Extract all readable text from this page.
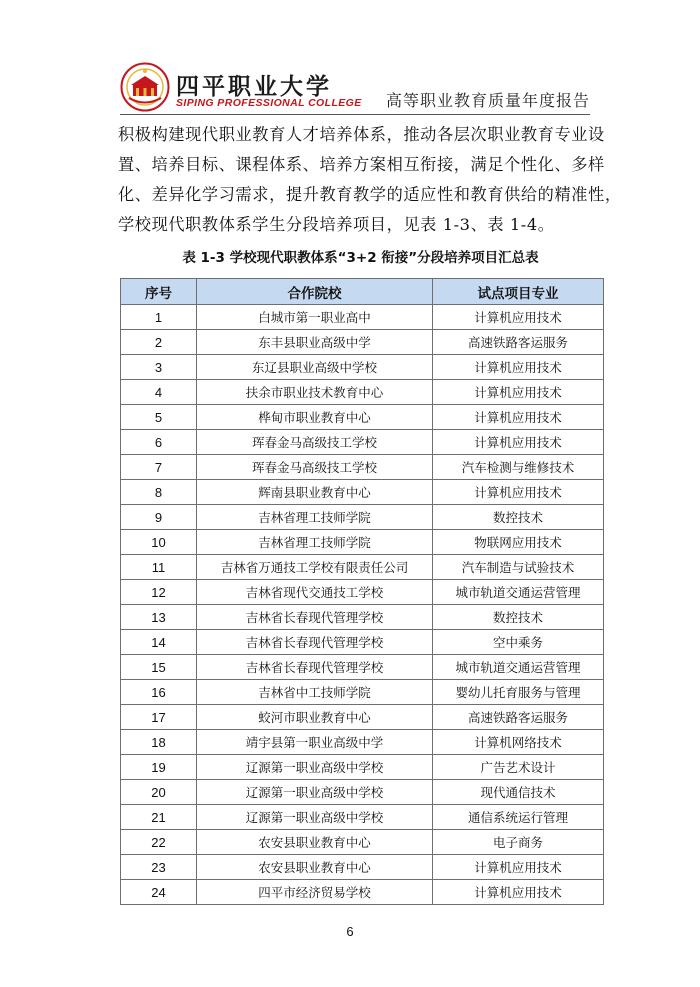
四平职业大学
SIPING PROFESSIONAL COLLEGE 高等职业教育质量年度报告

积极构建现代职业教育人才培养体系，推动各层次职业教育专业设

置、培养目标、课程体系、培养方案相互衔接，满足个性化、多样

化、差异化学习需求，提升教育教学的适应性和教育供给的精准性，

学校现代职教体系学生分段培养项目，见表 1-3、表 1-4。

表 1-3 学校现代职教体系“3+2 衔接”分段培养项目汇总表
序号	合作院校	试点项目专业
1	白城市第一职业高中	计算机应用技术
2	东丰县职业高级中学	高速铁路客运服务
3	东辽县职业高级中学校	计算机应用技术
4	扶余市职业技术教育中心	计算机应用技术
5	桦甸市职业教育中心	计算机应用技术
6	珲春金马高级技工学校	计算机应用技术
7	珲春金马高级技工学校	汽车检测与维修技术
8	辉南县职业教育中心	计算机应用技术
9	吉林省理工技师学院	数控技术
10	吉林省理工技师学院	物联网应用技术
11	吉林省万通技工学校有限责任公司	汽车制造与试验技术
12	吉林省现代交通技工学校	城市轨道交通运营管理
13	吉林省长春现代管理学校	数控技术
14	吉林省长春现代管理学校	空中乘务
15	吉林省长春现代管理学校	城市轨道交通运营管理
16	吉林省中工技师学院	婴幼儿托育服务与管理
17	蛟河市职业教育中心	高速铁路客运服务
18	靖宇县第一职业高级中学	计算机网络技术
19	辽源第一职业高级中学校	广告艺术设计
20	辽源第一职业高级中学校	现代通信技术
21	辽源第一职业高级中学校	通信系统运行管理
22	农安县职业教育中心	电子商务
23	农安县职业教育中心	计算机应用技术
24	四平市经济贸易学校	计算机应用技术
6
